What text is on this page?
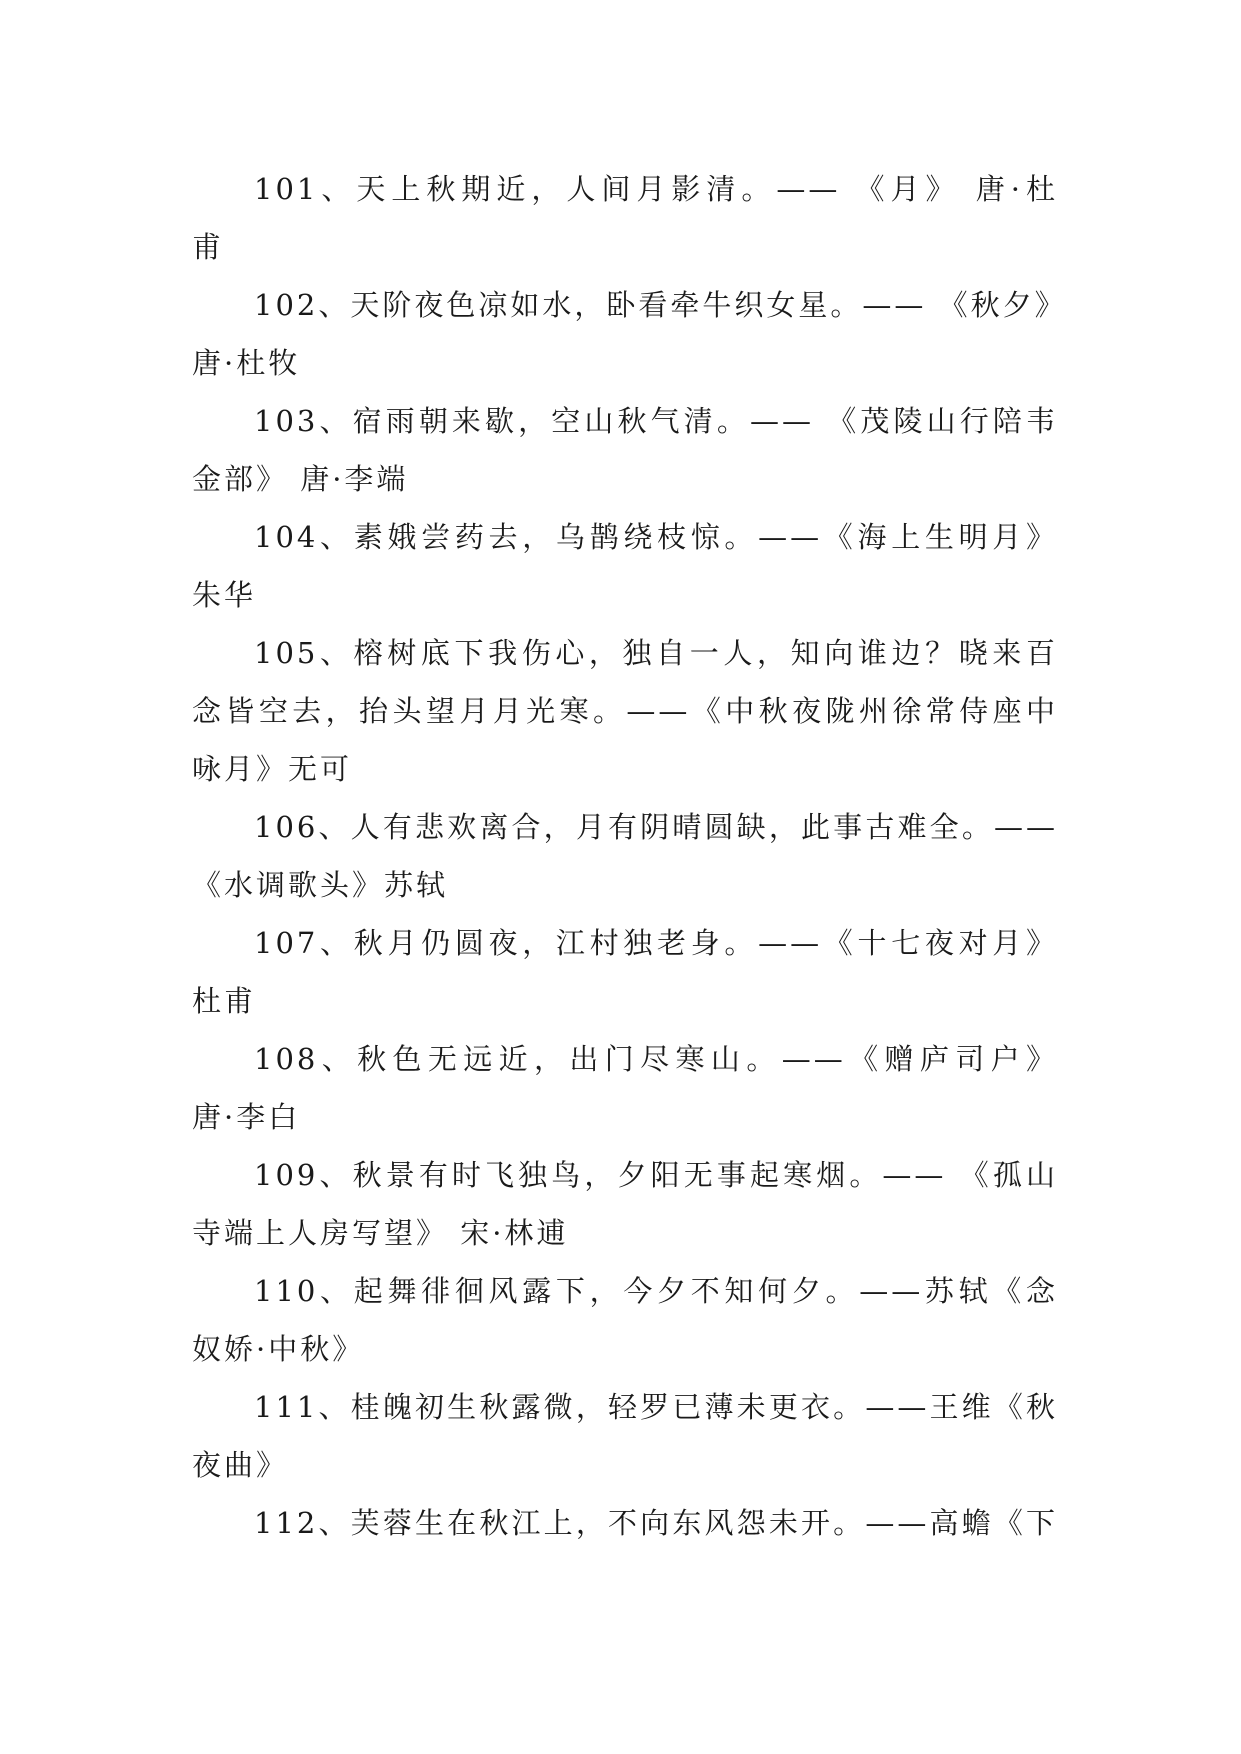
101、天上秋期近，人间月影清。—— 《月》 唐·杜
甫
102、天阶夜色凉如水，卧看牵牛织女星。—— 《秋夕》
唐·杜牧
103、宿雨朝来歇，空山秋气清。—— 《茂陵山行陪韦
金部》 唐·李端
104、素娥尝药去，乌鹊绕枝惊。——《海上生明月》
朱华
105、榕树底下我伤心，独自一人，知向谁边？晓来百
念皆空去，抬头望月月光寒。——《中秋夜陇州徐常侍座中
咏月》无可
106、人有悲欢离合，月有阴晴圆缺，此事古难全。——
《水调歌头》苏轼
107、秋月仍圆夜，江村独老身。——《十七夜对月》
杜甫
108、秋色无远近，出门尽寒山。——《赠庐司户》
唐·李白
109、秋景有时飞独鸟，夕阳无事起寒烟。—— 《孤山
寺端上人房写望》 宋·林逋
110、起舞徘徊风露下，今夕不知何夕。——苏轼《念
奴娇·中秋》
111、桂魄初生秋露微，轻罗已薄未更衣。——王维《秋
夜曲》
112、芙蓉生在秋江上，不向东风怨未开。——高蟾《下
